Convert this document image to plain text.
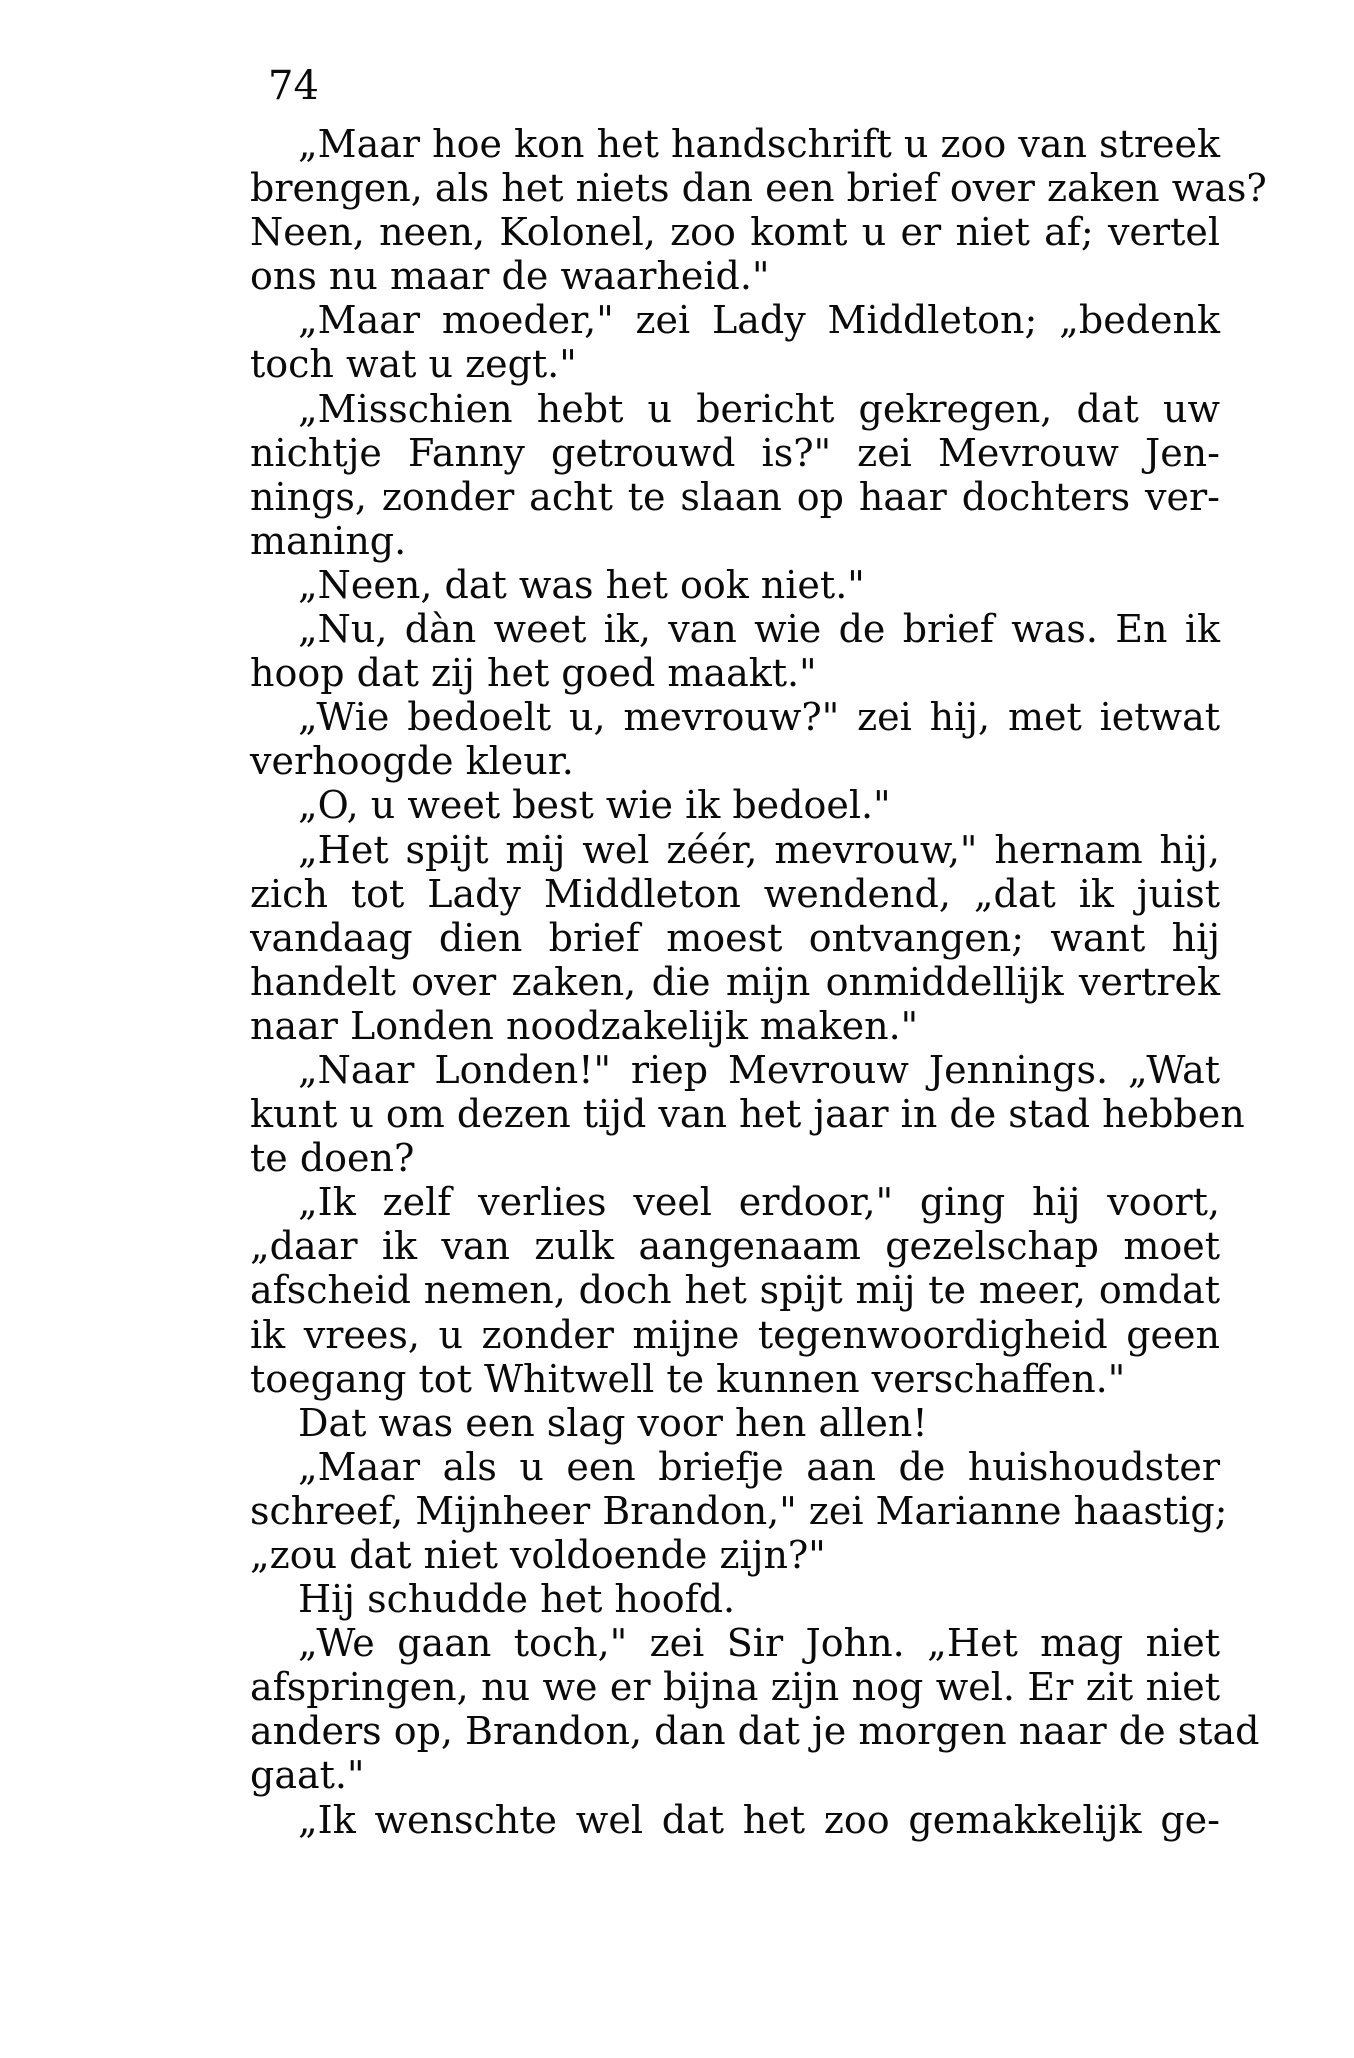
74

„Maar hoe kon het handschrift u zoo van streek
brengen, als het niets dan een brief over zaken was?
Neen, neen, Kolonel, zoo komt u er niet af; vertel
ons nu maar de waarheid."

„Maar moeder," zei Lady Middleton; „bedenk
toch wat u zegt."

„Misschien hebt u bericht gekregen, dat uw
nichtje Fanny getrouwd is?" zei Mevrouw Jen-
nings, zonder acht te slaan op haar dochters ver-
maning.

„Neen, dat was het ook niet."

„Nu, dàn weet ik, van wie de brief was. En ik
hoop dat zij het goed maakt."

„Wie bedoelt u, mevrouw?" zei hij, met ietwat
verhoogde kleur.

„O, u weet best wie ik bedoel."

„Het spijt mij wel zéér, mevrouw," hernam hij,
zich tot Lady Middleton wendend, „dat ik juist
vandaag dien brief moest ontvangen; want hij
handelt over zaken, die mijn onmiddellijk vertrek
naar Londen noodzakelijk maken."

„Naar Londen!" riep Mevrouw Jennings. „Wat
kunt u om dezen tijd van het jaar in de stad hebben
te doen?

„Ik zelf verlies veel erdoor," ging hij voort,
„daar ik van zulk aangenaam gezelschap moet
afscheid nemen, doch het spijt mij te meer, omdat
ik vrees, u zonder mijne tegenwoordigheid geen
toegang tot Whitwell te kunnen verschaffen."

Dat was een slag voor hen allen!

„Maar als u een briefje aan de huishoudster
schreef, Mijnheer Brandon," zei Marianne haastig;
„zou dat niet voldoende zijn?"

Hij schudde het hoofd.

„We gaan toch," zei Sir John. „Het mag niet
afspringen, nu we er bijna zijn nog wel. Er zit niet
anders op, Brandon, dan dat je morgen naar de stad
gaat."

„Ik wenschte wel dat het zoo gemakkelijk ge-
